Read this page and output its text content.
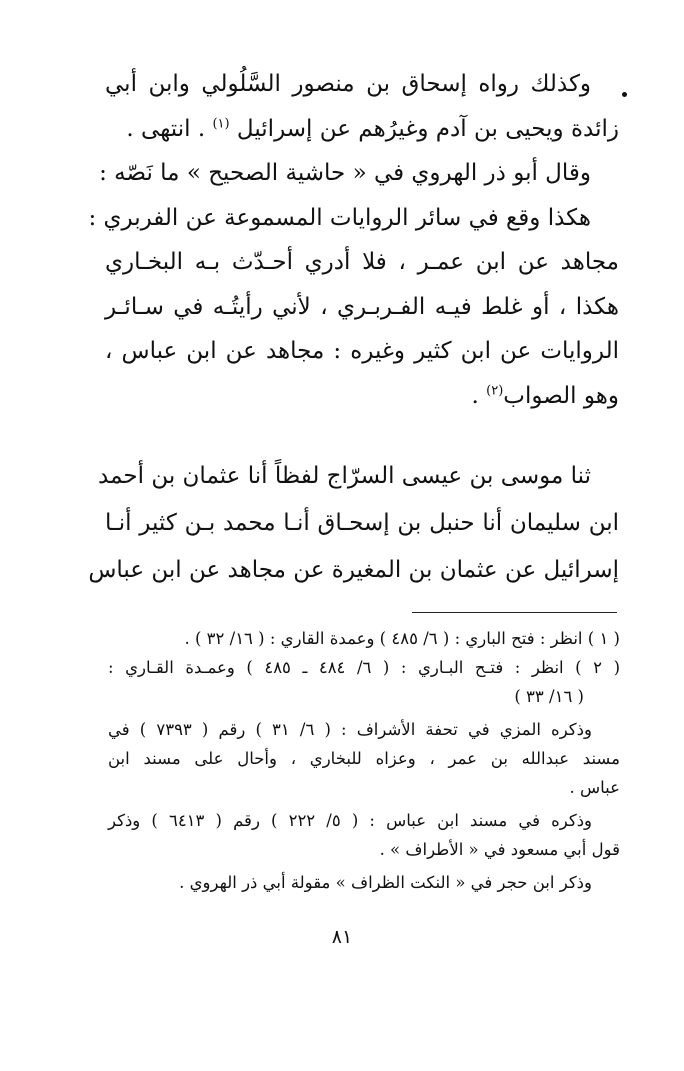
وكذلك رواه إسحاق بن منصور السَّلُولي وابن أبي
زائدة ويحيى بن آدم وغيرُهم عن إسرائيل $^{(١)}$ . انتهى .
وقال أبو ذر الهروي في « حاشية الصحيح » ما نَصّه :
هكذا وقع في سائر الروايات المسموعة عن الفربري :
مجاهد عن ابن عمـر ، فلا أدري أحـدّث بـه البخـاري
هكذا ، أو غلط فيـه الفـربـري ، لأني رأيتُـه في سـائـر
الروايات عن ابن كثير وغيره : مجاهد عن ابن عباس ،
وهو الصواب$^{(٢)}$ .
ثنا موسى بن عيسى السرّاج لفظاً أنا عثمان بن أحمد
ابن سليمان أنا حنبل بن إسحـاق أنـا محمد بـن كثير أنـا
إسرائيل عن عثمان بن المغيرة عن مجاهد عن ابن عباس
( ١ ) انظر : فتح الباري : ( ٦/ ٤٨٥ ) وعمدة القاري : ( ١٦/ ٣٢ ) .
( ٢ ) انظر : فتـح البـاري : ( ٦/ ٤٨٤ ـ ٤٨٥ ) وعمـدة القـاري :
( ١٦/ ٣٣ )
وذكره المزي في تحفة الأشراف : ( ٦/ ٣١ ) رقم ( ٧٣٩٣ ) في
مسند عبدالله بن عمر ، وعزاه للبخاري ، وأحال على مسند ابن
عباس .
وذكره في مسند ابن عباس : ( ٥/ ٢٢٢ ) رقم ( ٦٤١٣ ) وذكر
قول أبي مسعود في « الأطراف » .
وذكر ابن حجر في « النكت الظراف » مقولة أبي ذر الهروي .
٨١
